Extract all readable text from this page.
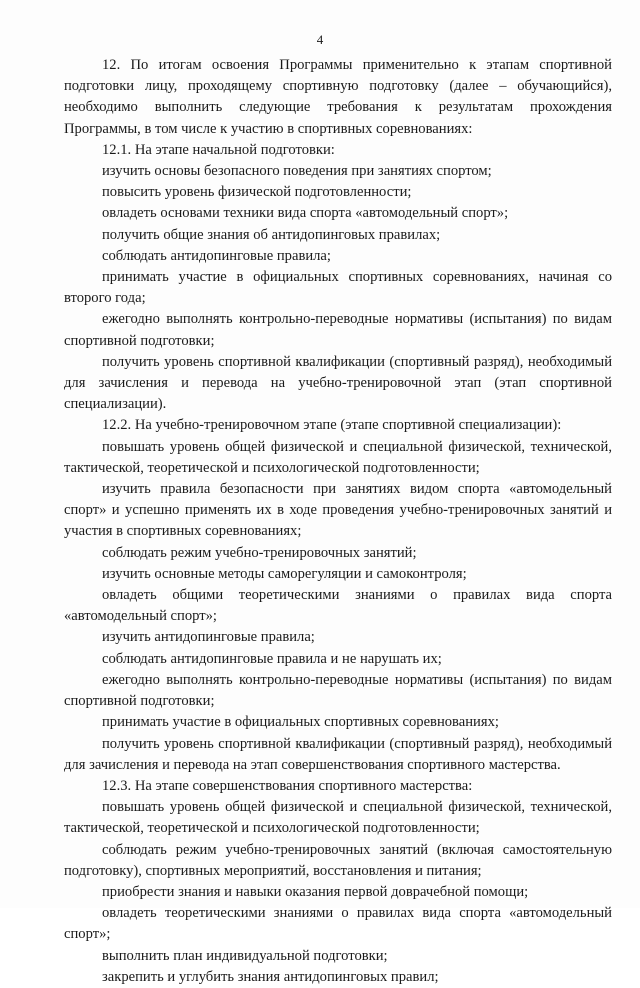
4

12. По итогам освоения Программы применительно к этапам спортивной подготовки лицу, проходящему спортивную подготовку (далее – обучающийся), необходимо выполнить следующие требования к результатам прохождения Программы, в том числе к участию в спортивных соревнованиях:

12.1. На этапе начальной подготовки:

изучить основы безопасного поведения при занятиях спортом;

повысить уровень физической подготовленности;

овладеть основами техники вида спорта «автомодельный спорт»;

получить общие знания об антидопинговых правилах;

соблюдать антидопинговые правила;

принимать участие в официальных спортивных соревнованиях, начиная со второго года;

ежегодно выполнять контрольно-переводные нормативы (испытания) по видам спортивной подготовки;

получить уровень спортивной квалификации (спортивный разряд), необходимый для зачисления и перевода на учебно-тренировочной этап (этап спортивной специализации).

12.2. На учебно-тренировочном этапе (этапе спортивной специализации):

повышать уровень общей физической и специальной физической, технической, тактической, теоретической и психологической подготовленности;

изучить правила безопасности при занятиях видом спорта «автомодельный спорт» и успешно применять их в ходе проведения учебно-тренировочных занятий и участия в спортивных соревнованиях;

соблюдать режим учебно-тренировочных занятий;

изучить основные методы саморегуляции и самоконтроля;

овладеть общими теоретическими знаниями о правилах вида спорта «автомодельный спорт»;

изучить антидопинговые правила;

соблюдать антидопинговые правила и не нарушать их;

ежегодно выполнять контрольно-переводные нормативы (испытания) по видам спортивной подготовки;

принимать участие в официальных спортивных соревнованиях;

получить уровень спортивной квалификации (спортивный разряд), необходимый для зачисления и перевода на этап совершенствования спортивного мастерства.

12.3. На этапе совершенствования спортивного мастерства:

повышать уровень общей физической и специальной физической, технической, тактической, теоретической и психологической подготовленности;

соблюдать режим учебно-тренировочных занятий (включая самостоятельную подготовку), спортивных мероприятий, восстановления и питания;

приобрести знания и навыки оказания первой доврачебной помощи;

овладеть теоретическими знаниями о правилах вида спорта «автомодельный спорт»;

выполнить план индивидуальной подготовки;

закрепить и углубить знания антидопинговых правил;
